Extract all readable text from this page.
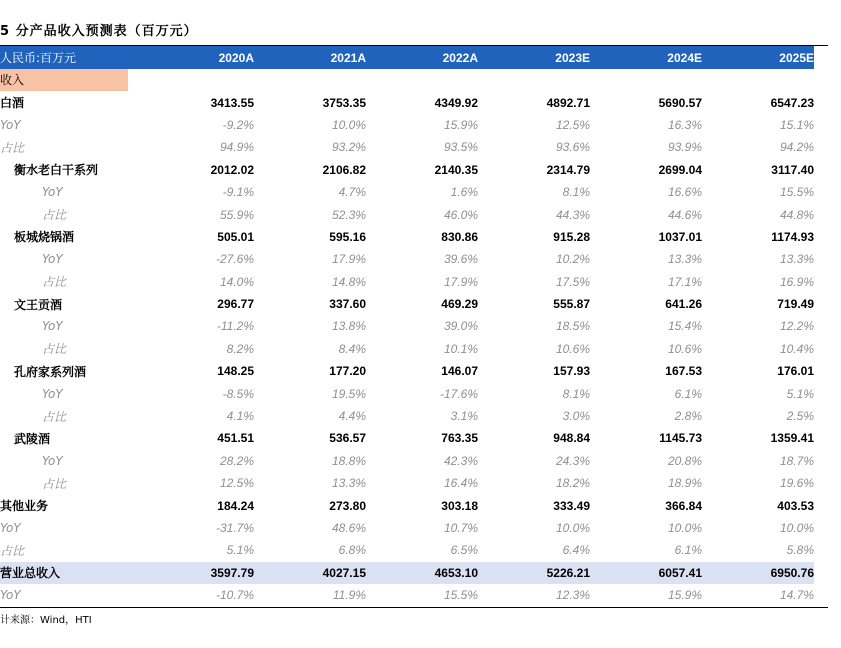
5 分产品收入预测表（百万元）
人民币:百万元	2020A	2021A	2022A	2023E	2024E	2025E
收入						
白酒	3413.55	3753.35	4349.92	4892.71	5690.57	6547.23
YoY	-9.2%	10.0%	15.9%	12.5%	16.3%	15.1%
占比	94.9%	93.2%	93.5%	93.6%	93.9%	94.2%
衡水老白干系列	2012.02	2106.82	2140.35	2314.79	2699.04	3117.40
YoY	-9.1%	4.7%	1.6%	8.1%	16.6%	15.5%
占比	55.9%	52.3%	46.0%	44.3%	44.6%	44.8%
板城烧锅酒	505.01	595.16	830.86	915.28	1037.01	1174.93
YoY	-27.6%	17.9%	39.6%	10.2%	13.3%	13.3%
占比	14.0%	14.8%	17.9%	17.5%	17.1%	16.9%
文王贡酒	296.77	337.60	469.29	555.87	641.26	719.49
YoY	-11.2%	13.8%	39.0%	18.5%	15.4%	12.2%
占比	8.2%	8.4%	10.1%	10.6%	10.6%	10.4%
孔府家系列酒	148.25	177.20	146.07	157.93	167.53	176.01
YoY	-8.5%	19.5%	-17.6%	8.1%	6.1%	5.1%
占比	4.1%	4.4%	3.1%	3.0%	2.8%	2.5%
武陵酒	451.51	536.57	763.35	948.84	1145.73	1359.41
YoY	28.2%	18.8%	42.3%	24.3%	20.8%	18.7%
占比	12.5%	13.3%	16.4%	18.2%	18.9%	19.6%
其他业务	184.24	273.80	303.18	333.49	366.84	403.53
YoY	-31.7%	48.6%	10.7%	10.0%	10.0%	10.0%
占比	5.1%	6.8%	6.5%	6.4%	6.1%	5.8%
营业总收入	3597.79	4027.15	4653.10	5226.21	6057.41	6950.76
YoY	-10.7%	11.9%	15.5%	12.3%	15.9%	14.7%
计来源：Wind，HTI
